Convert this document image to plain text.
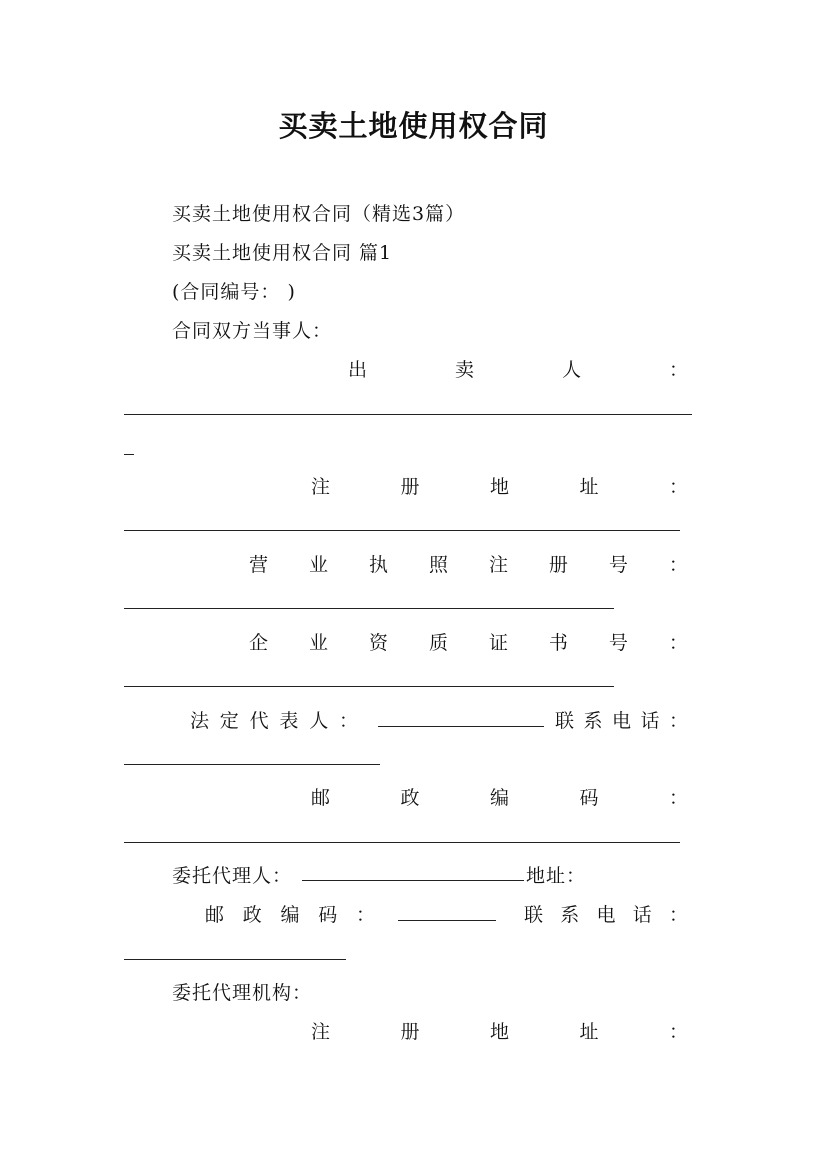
买卖土地使用权合同
买卖土地使用权合同（精选3篇）
买卖土地使用权合同 篇1
(合同编号： )
合同双方当事人：
出	卖	人	：
注	册	地	址	：
营 业 执 照 注 册 号 ：
企 业 资 质 证 书 号 ：
法 定 代 表 人 ：	联 系 电 话 ：
邮	政	编	码	：
委托代理人：	地址：
邮 政 编 码 ：	联 系 电 话 ：
委托代理机构：
注	册	地	址	：
